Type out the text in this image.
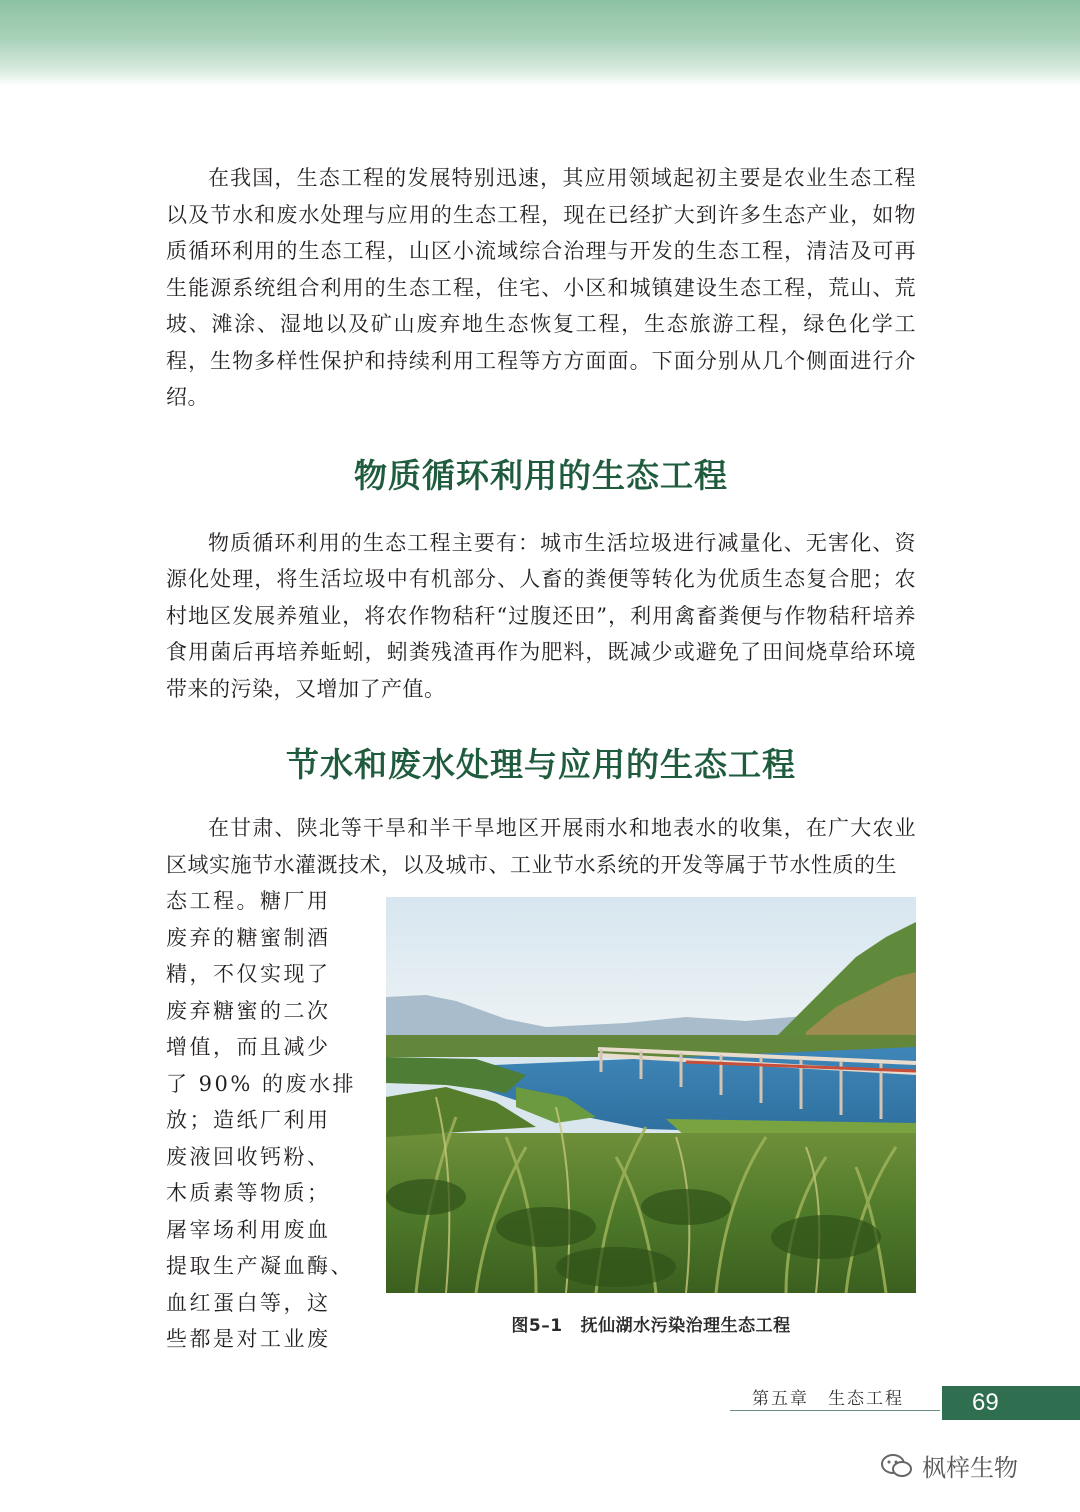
在我国，生态工程的发展特别迅速，其应用领域起初主要是农业生态工程以及节水和废水处理与应用的生态工程，现在已经扩大到许多生态产业，如物质循环利用的生态工程，山区小流域综合治理与开发的生态工程，清洁及可再生能源系统组合利用的生态工程，住宅、小区和城镇建设生态工程，荒山、荒坡、滩涂、湿地以及矿山废弃地生态恢复工程，生态旅游工程，绿色化学工程，生物多样性保护和持续利用工程等方方面面。下面分别从几个侧面进行介绍。

物质循环利用的生态工程

物质循环利用的生态工程主要有：城市生活垃圾进行减量化、无害化、资源化处理，将生活垃圾中有机部分、人畜的粪便等转化为优质生态复合肥；农村地区发展养殖业，将农作物秸秆“过腹还田”，利用禽畜粪便与作物秸秆培养食用菌后再培养蚯蚓，蚓粪残渣再作为肥料，既减少或避免了田间烧草给环境带来的污染，又增加了产值。

节水和废水处理与应用的生态工程

在甘肃、陕北等干旱和半干旱地区开展雨水和地表水的收集，在广大农业区域实施节水灌溉技术，以及城市、工业节水系统的开发等属于节水性质的生

态工程。糖厂用
废弃的糖蜜制酒
精，不仅实现了
废弃糖蜜的二次
增值，而且减少
了 90% 的废水排
放；造纸厂利用
废液回收钙粉、
木质素等物质；
屠宰场利用废血
提取生产凝血酶、
血红蛋白等，这
些都是对工业废
图5–1 抚仙湖水污染治理生态工程
第五章　生态工程	69
枫梓生物
